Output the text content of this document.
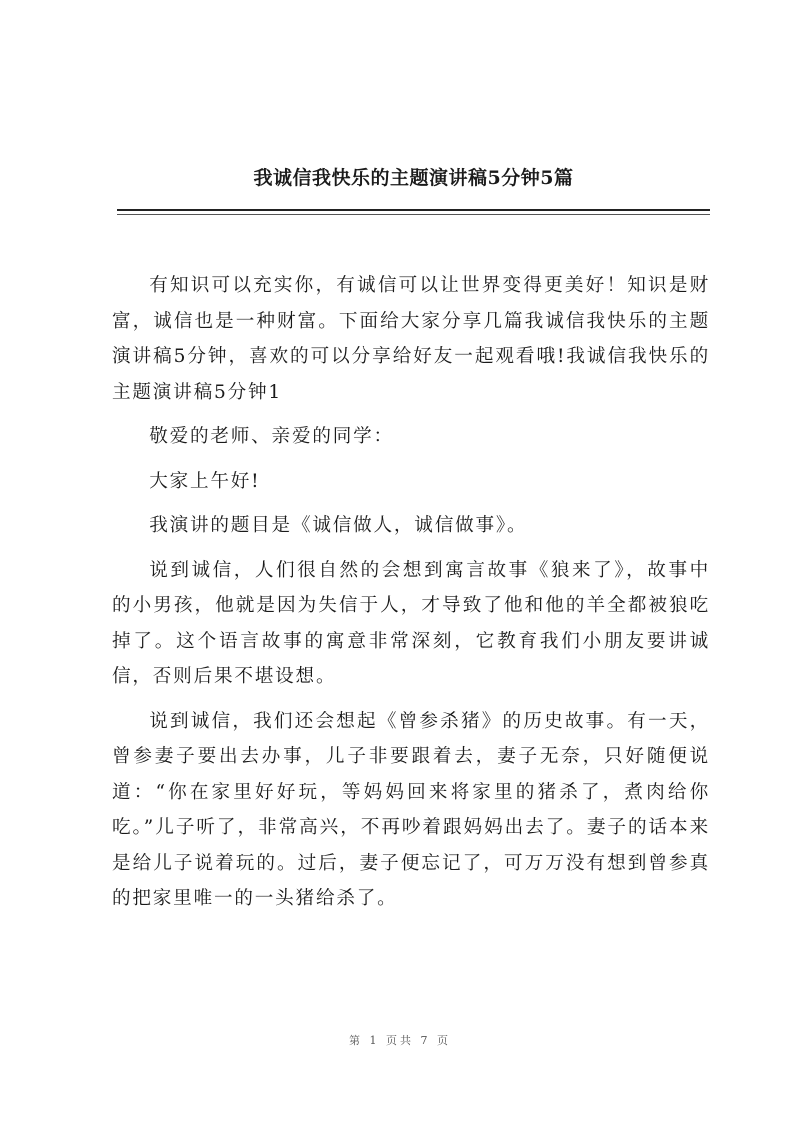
我诚信我快乐的主题演讲稿5分钟5篇

有知识可以充实你，有诚信可以让世界变得更美好！知识是财富，诚信也是一种财富。下面给大家分享几篇我诚信我快乐的主题演讲稿5分钟，喜欢的可以分享给好友一起观看哦!我诚信我快乐的主题演讲稿5分钟1

敬爱的老师、亲爱的同学：

大家上午好!

我演讲的题目是《诚信做人，诚信做事》。

说到诚信，人们很自然的会想到寓言故事《狼来了》，故事中的小男孩，他就是因为失信于人，才导致了他和他的羊全都被狼吃掉了。这个语言故事的寓意非常深刻，它教育我们小朋友要讲诚信，否则后果不堪设想。

说到诚信，我们还会想起《曾参杀猪》的历史故事。有一天，曾参妻子要出去办事，儿子非要跟着去，妻子无奈，只好随便说道：“你在家里好好玩，等妈妈回来将家里的猪杀了，煮肉给你吃。”儿子听了，非常高兴，不再吵着跟妈妈出去了。妻子的话本来是给儿子说着玩的。过后，妻子便忘记了，可万万没有想到曾参真的把家里唯一的一头猪给杀了。

第 1 页共 7 页
